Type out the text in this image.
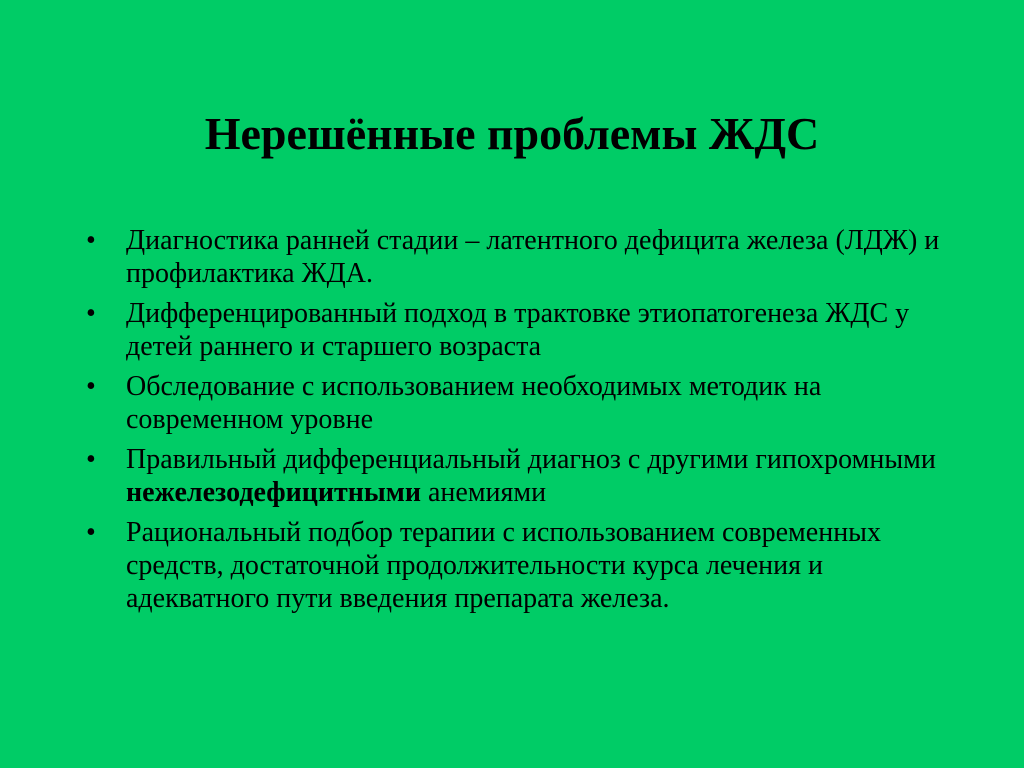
Нерешённые проблемы ЖДС
•	Диагностика ранней стадии – латентного дефицита железа (ЛДЖ) и профилактика ЖДА.
•	Дифференцированный подход в трактовке этиопатогенеза ЖДС у детей раннего и старшего возраста
•	Обследование с использованием необходимых методик на современном уровне
•	Правильный дифференциальный диагноз с другими гипохромными нежелезодефицитными анемиями
•	Рациональный подбор терапии с использованием современных средств, достаточной продолжительности курса лечения и адекватного пути введения препарата железа.
